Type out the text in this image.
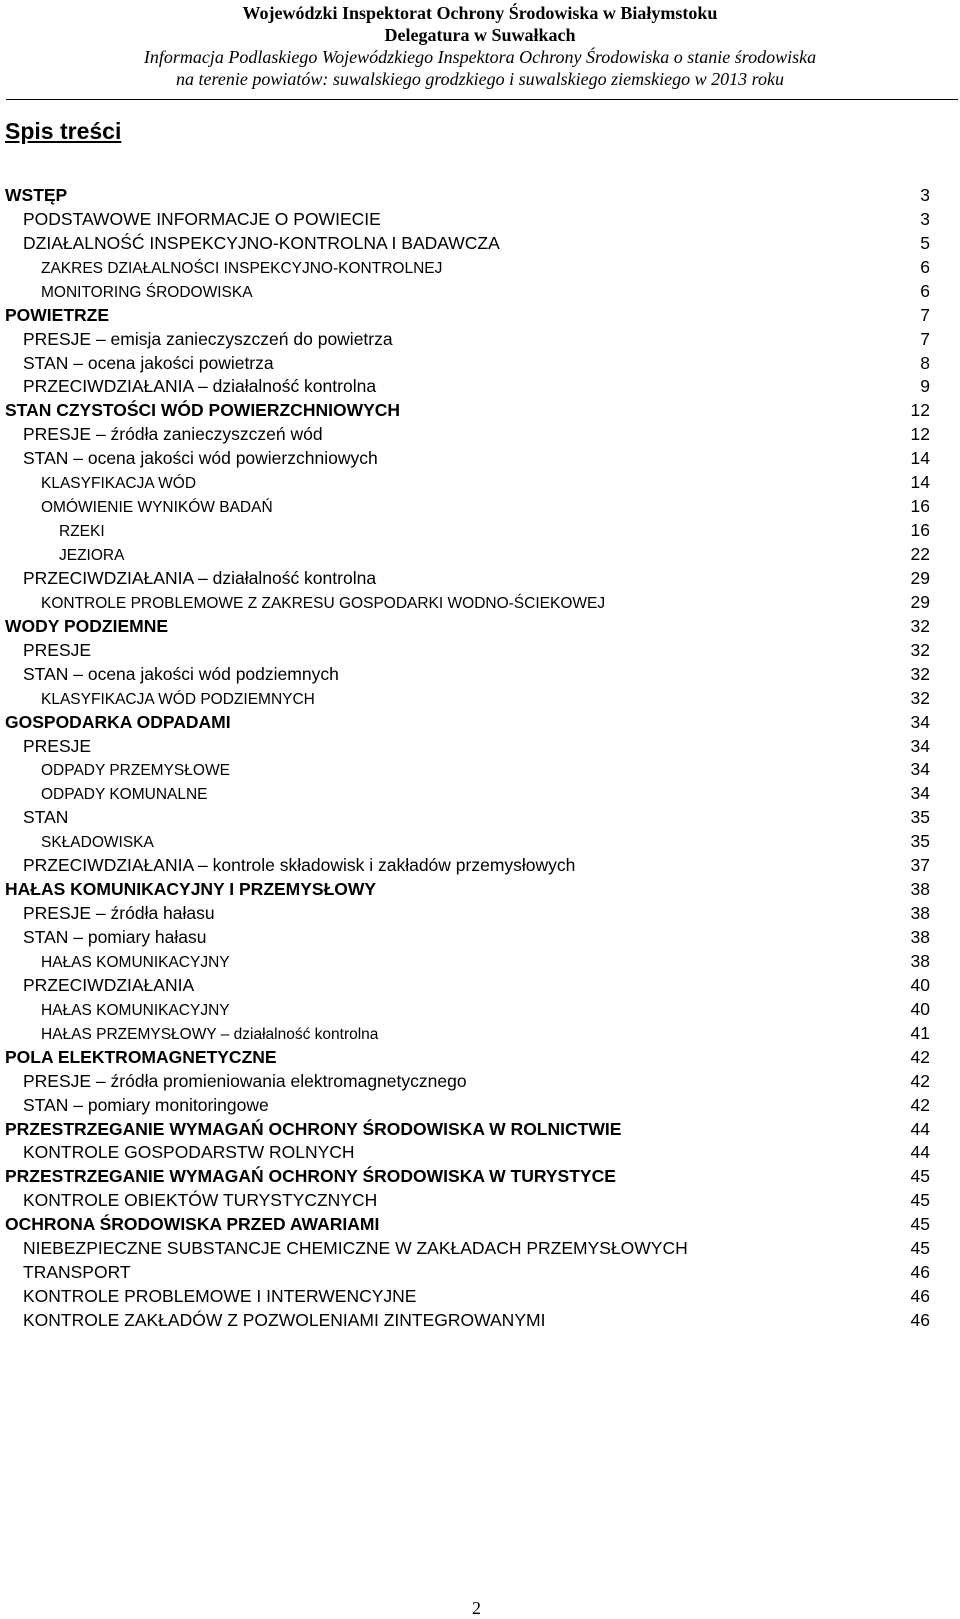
Wojewódzki Inspektorat Ochrony Środowiska w Białymstoku
Delegatura w Suwałkach
Informacja Podlaskiego Wojewódzkiego Inspektora Ochrony Środowiska o stanie środowiska
na terenie powiatów: suwalskiego grodzkiego i suwalskiego ziemskiego w 2013 roku
Spis treści
WSTĘP	3
PODSTAWOWE INFORMACJE O POWIECIE	3
DZIAŁALNOŚĆ INSPEKCYJNO-KONTROLNA I BADAWCZA	5
ZAKRES DZIAŁALNOŚCI INSPEKCYJNO-KONTROLNEJ	6
MONITORING ŚRODOWISKA	6
POWIETRZE	7
PRESJE – emisja zanieczyszczeń do powietrza	7
STAN – ocena jakości powietrza	8
PRZECIWDZIAŁANIA – działalność kontrolna	9
STAN CZYSTOŚCI WÓD POWIERZCHNIOWYCH	12
PRESJE – źródła zanieczyszczeń wód	12
STAN – ocena jakości wód powierzchniowych	14
KLASYFIKACJA WÓD	14
OMÓWIENIE WYNIKÓW BADAŃ	16
RZEKI	16
JEZIORA	22
PRZECIWDZIAŁANIA – działalność kontrolna	29
KONTROLE PROBLEMOWE Z ZAKRESU GOSPODARKI WODNO-ŚCIEKOWEJ	29
WODY PODZIEMNE	32
PRESJE	32
STAN – ocena jakości wód podziemnych	32
KLASYFIKACJA WÓD PODZIEMNYCH	32
GOSPODARKA ODPADAMI	34
PRESJE	34
ODPADY PRZEMYSŁOWE	34
ODPADY KOMUNALNE	34
STAN	35
SKŁADOWISKA	35
PRZECIWDZIAŁANIA – kontrole składowisk i zakładów przemysłowych	37
HAŁAS KOMUNIKACYJNY I PRZEMYSŁOWY	38
PRESJE – źródła hałasu	38
STAN – pomiary hałasu	38
HAŁAS KOMUNIKACYJNY	38
PRZECIWDZIAŁANIA	40
HAŁAS KOMUNIKACYJNY	40
HAŁAS PRZEMYSŁOWY – działalność kontrolna	41
POLA ELEKTROMAGNETYCZNE	42
PRESJE – źródła promieniowania elektromagnetycznego	42
STAN – pomiary monitoringowe	42
PRZESTRZEGANIE WYMAGAŃ OCHRONY ŚRODOWISKA W ROLNICTWIE	44
KONTROLE GOSPODARSTW ROLNYCH	44
PRZESTRZEGANIE WYMAGAŃ OCHRONY ŚRODOWISKA W TURYSTYCE	45
KONTROLE OBIEKTÓW TURYSTYCZNYCH	45
OCHRONA ŚRODOWISKA PRZED AWARIAMI	45
NIEBEZPIECZNE SUBSTANCJE CHEMICZNE W ZAKŁADACH PRZEMYSŁOWYCH	45
TRANSPORT	46
KONTROLE PROBLEMOWE I INTERWENCYJNE	46
KONTROLE ZAKŁADÓW Z POZWOLENIAMI ZINTEGROWANYMI	46
2
